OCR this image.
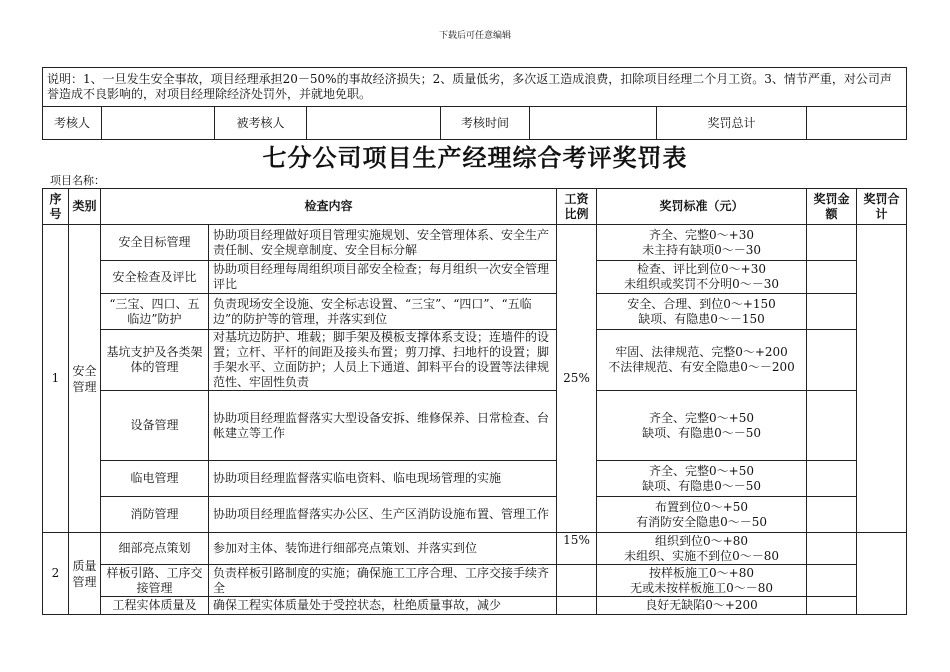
下载后可任意编辑
说明：1、一旦发生安全事故，项目经理承担20－50%的事故经济损失；2、质量低劣，多次返工造成浪费，扣除项目经理二个月工资。3、情节严重，对公司声誉造成不良影响的，对项目经理除经济处罚外，并就地免职。
考核人		被考核人		考核时间		奖罚总计	
七分公司项目生产经理综合考评奖罚表
项目名称：
序号	类别	检查内容		工资比例	奖罚标准（元）	奖罚金额	奖罚合计
1	安全管理	安全目标管理	协助项目经理做好项目管理实施规划、安全管理体系、安全生产责任制、安全规章制度、安全目标分解	25%	齐全、完整0～+30
未主持有缺项0～－30		

		安全检查及评比	协助项目经理每周组织项目部安全检查；每月组织一次安全管理评比		检查、评比到位0～+30
未组织或奖罚不分明0～－30		

		“三宝、四口、五临边”防护	负责现场安全设施、安全标志设置、“三宝”、“四口”、“五临边”的防护等的管理，并落实到位		安全、合理、到位0～+150
缺项、有隐患0～－150		

		基坑支护及各类架体的管理	对基坑边防护、堆载；脚手架及模板支撑体系支设；连墙件的设置；立杆、平杆的间距及接头布置；剪刀撑、扫地杆的设置；脚手架水平、立面防护；人员上下通道、卸料平台的设置等法律规范性、牢固性负责		牢固、法律规范、完整0～+200
不法律规范、有安全隐患0～－200		

		设备管理	协助项目经理监督落实大型设备安拆、维修保养、日常检查、台帐建立等工作		齐全、完整0～+50
缺项、有隐患0～－50		

		临电管理	协助项目经理监督落实临电资料、临电现场管理的实施		齐全、完整0～+50
缺项、有隐患0～－50		

		消防管理	协助项目经理监督落实办公区、生产区消防设施布置、管理工作		布置到位0～+50
有消防安全隐患0～－50		

2	质量管理	细部亮点策划	参加对主体、装饰进行细部亮点策划、并落实到位	15%	组织到位0～+80
未组织、实施不到位0～－80		

		样板引路、工序交接管理	负责样板引路制度的实施；确保施工工序合理、工序交接手续齐全		按样板施工0～+80
无或未按样板施工0～－80		

		工程实体质量及	确保工程实体质量处于受控状态，杜绝质量事故，减少		良好无缺陷0～+200		
